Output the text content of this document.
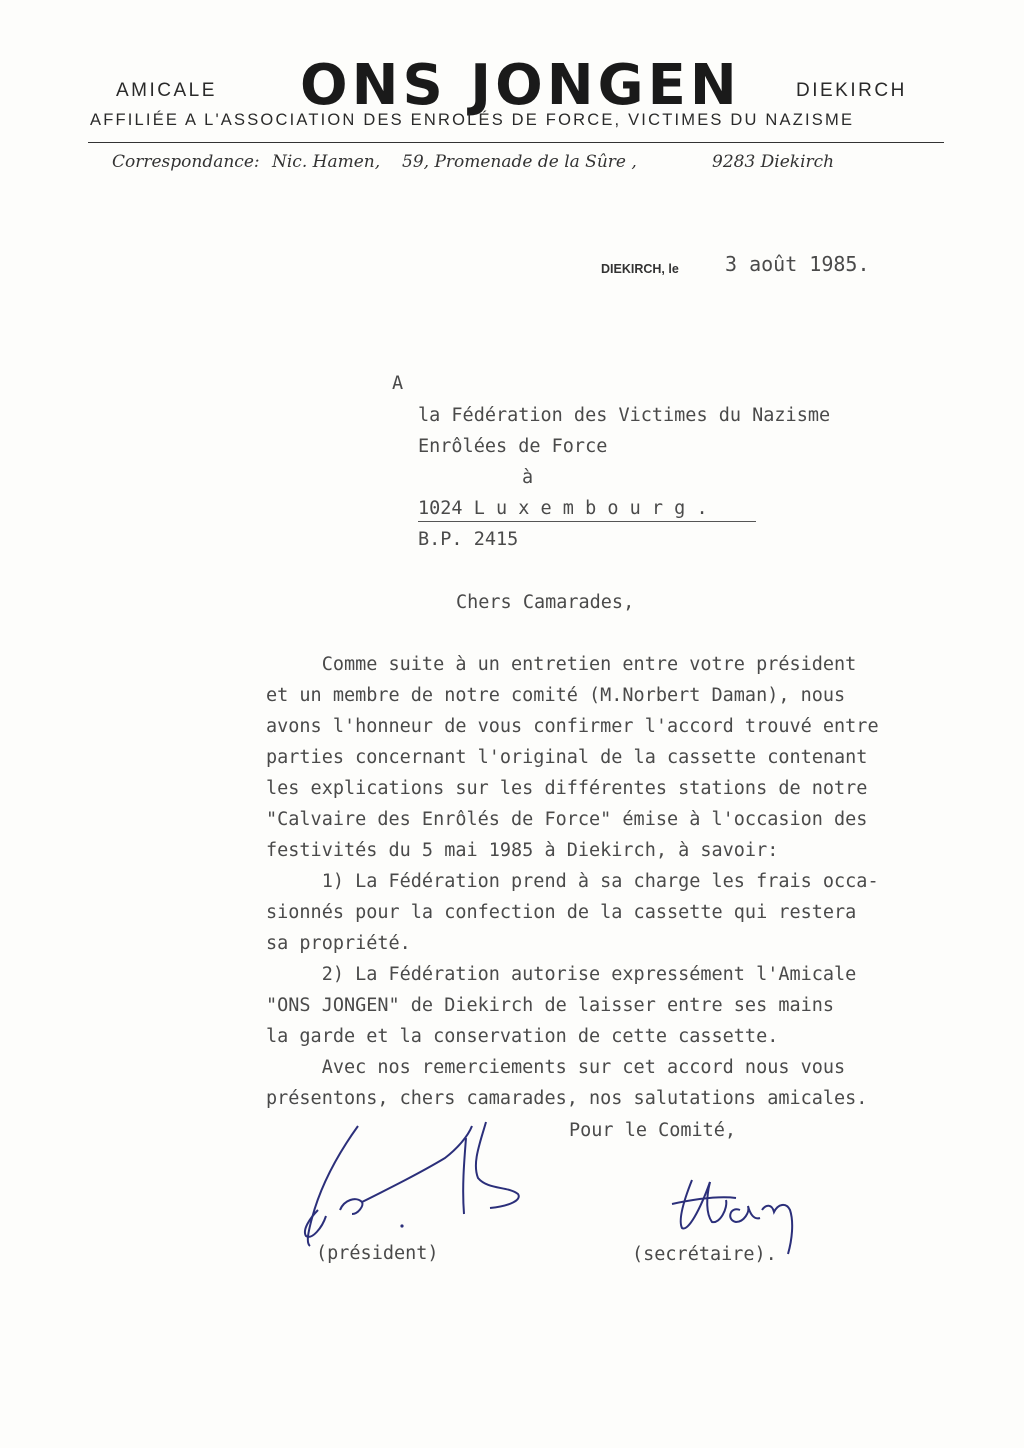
AMICALE ONS JONGEN	DIEKIRCH
AFFILIÉE A L'ASSOCIATION DES ENROLÉS DE FORCE, VICTIMES DU NAZISME
Correspondance: Nic. Hamen, 59, Promenade de la Sûre ,	9283 Diekirch
DIEKIRCH, le 3 août 1985.
A
la Fédération des Victimes du Nazisme
Enrôlées de Force
à
1024 L u x e m b o u r g .
B.P. 2415
Chers Camarades,
Comme suite à un entretien entre votre président
et un membre de notre comité (M.Norbert Daman), nous
avons l'honneur de vous confirmer l'accord trouvé entre
parties concernant l'original de la cassette contenant
les explications sur les différentes stations de notre
"Calvaire des Enrôlés de Force" émise à l'occasion des
festivités du 5 mai 1985 à Diekirch, à savoir:
1) La Fédération prend à sa charge les frais occa-
sionnés pour la confection de la cassette qui restera
sa propriété.
2) La Fédération autorise expressément l'Amicale
"ONS JONGEN" de Diekirch de laisser entre ses mains
la garde et la conservation de cette cassette.
Avec nos remerciements sur cet accord nous vous
présentons, chers camarades, nos salutations amicales.
Pour le Comité,
(président)	(secrétaire).
